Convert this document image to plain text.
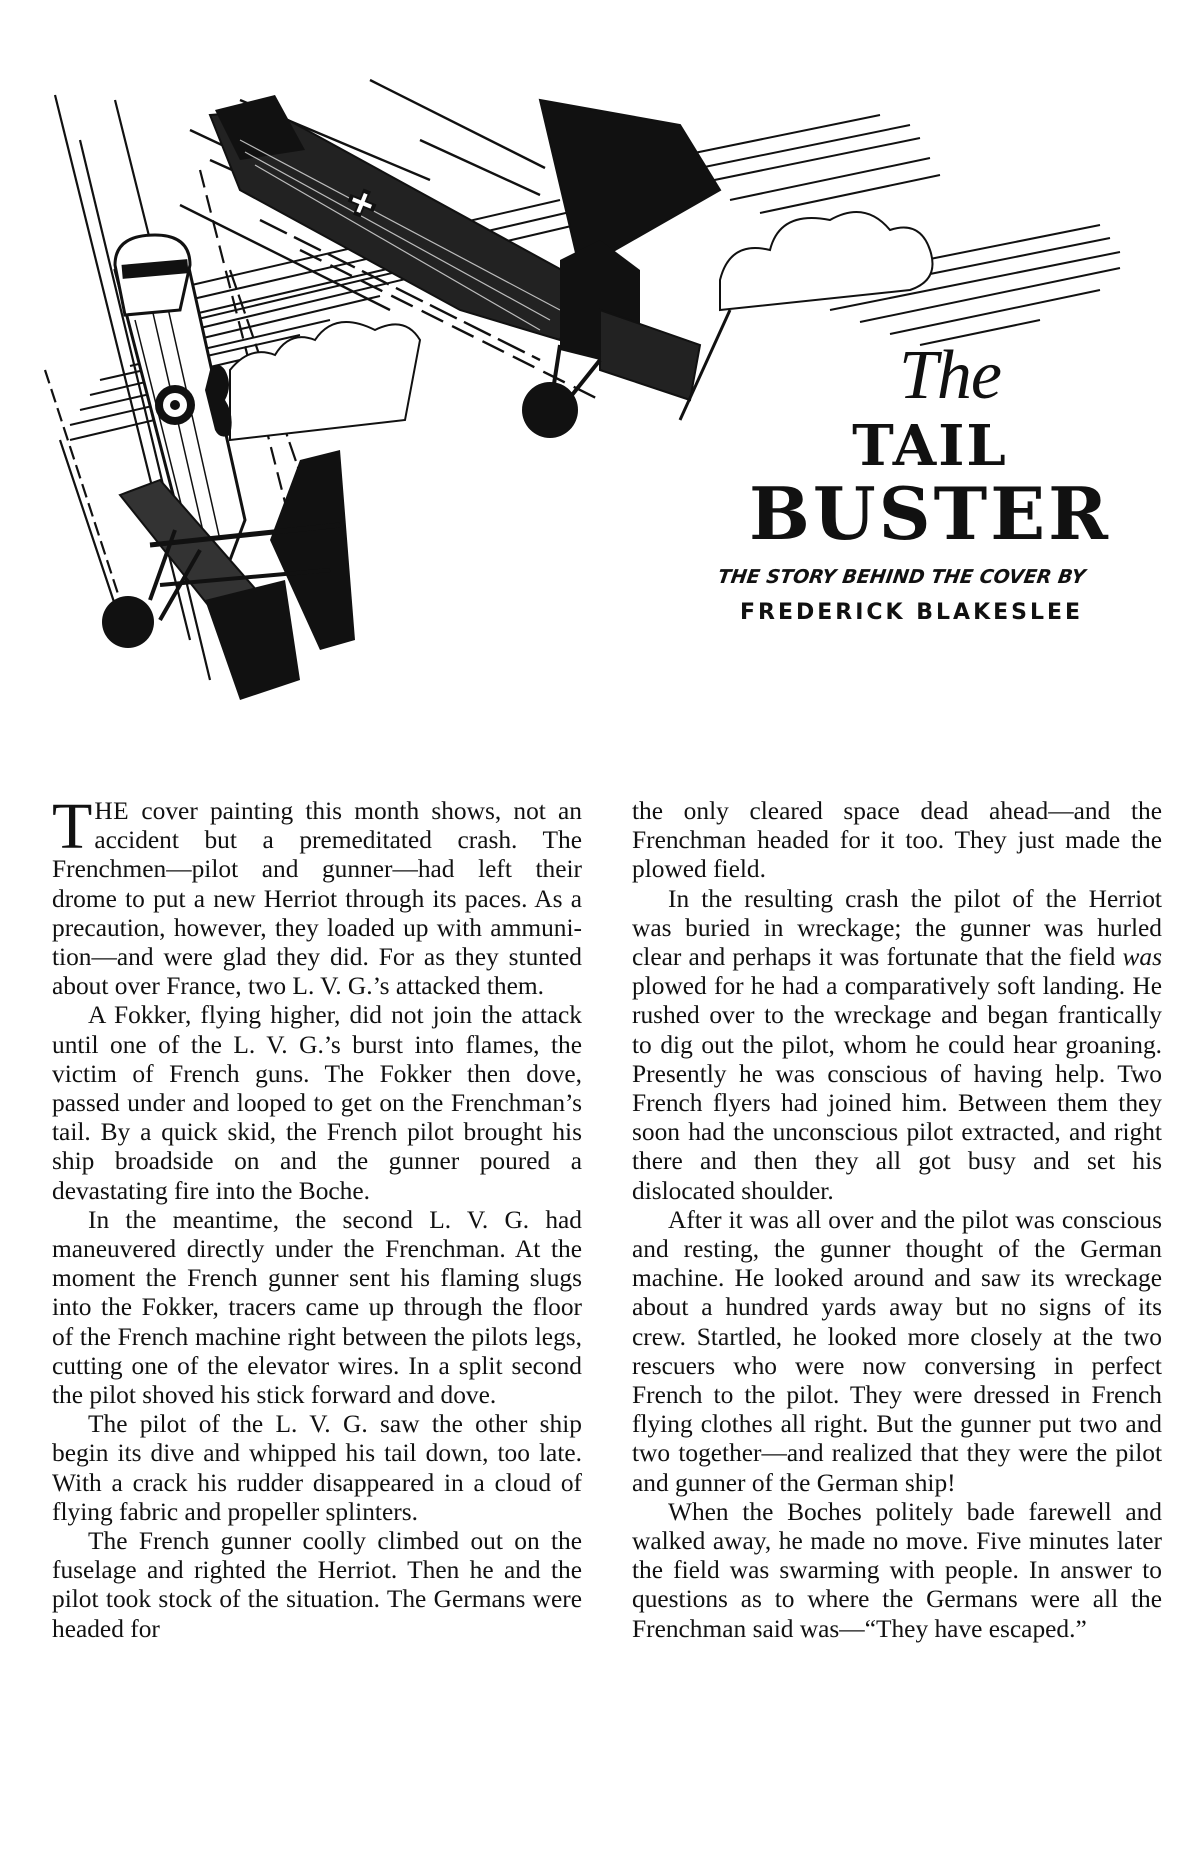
The
TAIL
BUSTER
THE STORY BEHIND THE COVER BY
FREDERICK BLAKESLEE

THE cover painting this month shows, not an accident but a premeditated crash. The Frenchmen—pilot and gunner—had left their drome to put a new Herriot through its paces. As a precaution, however, they loaded up with ammunition—and were glad they did. For as they stunted about over France, two L. V. G.’s attacked them.

A Fokker, flying higher, did not join the attack until one of the L. V. G.’s burst into flames, the victim of French guns. The Fokker then dove, passed under and looped to get on the Frenchman’s tail. By a quick skid, the French pilot brought his ship broadside on and the gunner poured a devastating fire into the Boche.

In the meantime, the second L. V. G. had maneuvered directly under the Frenchman. At the moment the French gunner sent his flaming slugs into the Fokker, tracers came up through the floor of the French machine right between the pilots legs, cutting one of the elevator wires. In a split second the pilot shoved his stick forward and dove.

The pilot of the L. V. G. saw the other ship begin its dive and whipped his tail down, too late. With a crack his rudder disappeared in a cloud of flying fabric and propeller splinters.

The French gunner coolly climbed out on the fuselage and righted the Herriot. Then he and the pilot took stock of the situation. The Germans were headed for

the only cleared space dead ahead—and the Frenchman headed for it too. They just made the plowed field.

In the resulting crash the pilot of the Herriot was buried in wreckage; the gunner was hurled clear and perhaps it was fortunate that the field was plowed for he had a comparatively soft landing. He rushed over to the wreckage and began frantically to dig out the pilot, whom he could hear groaning. Presently he was conscious of having help. Two French flyers had joined him. Between them they soon had the unconscious pilot extracted, and right there and then they all got busy and set his dislocated shoulder.

After it was all over and the pilot was conscious and resting, the gunner thought of the German machine. He looked around and saw its wreckage about a hundred yards away but no signs of its crew. Startled, he looked more closely at the two rescuers who were now conversing in perfect French to the pilot. They were dressed in French flying clothes all right. But the gunner put two and two together—and realized that they were the pilot and gunner of the German ship!

When the Boches politely bade farewell and walked away, he made no move. Five minutes later the field was swarming with people. In answer to questions as to where the Germans were all the Frenchman said was—“They have escaped.”
